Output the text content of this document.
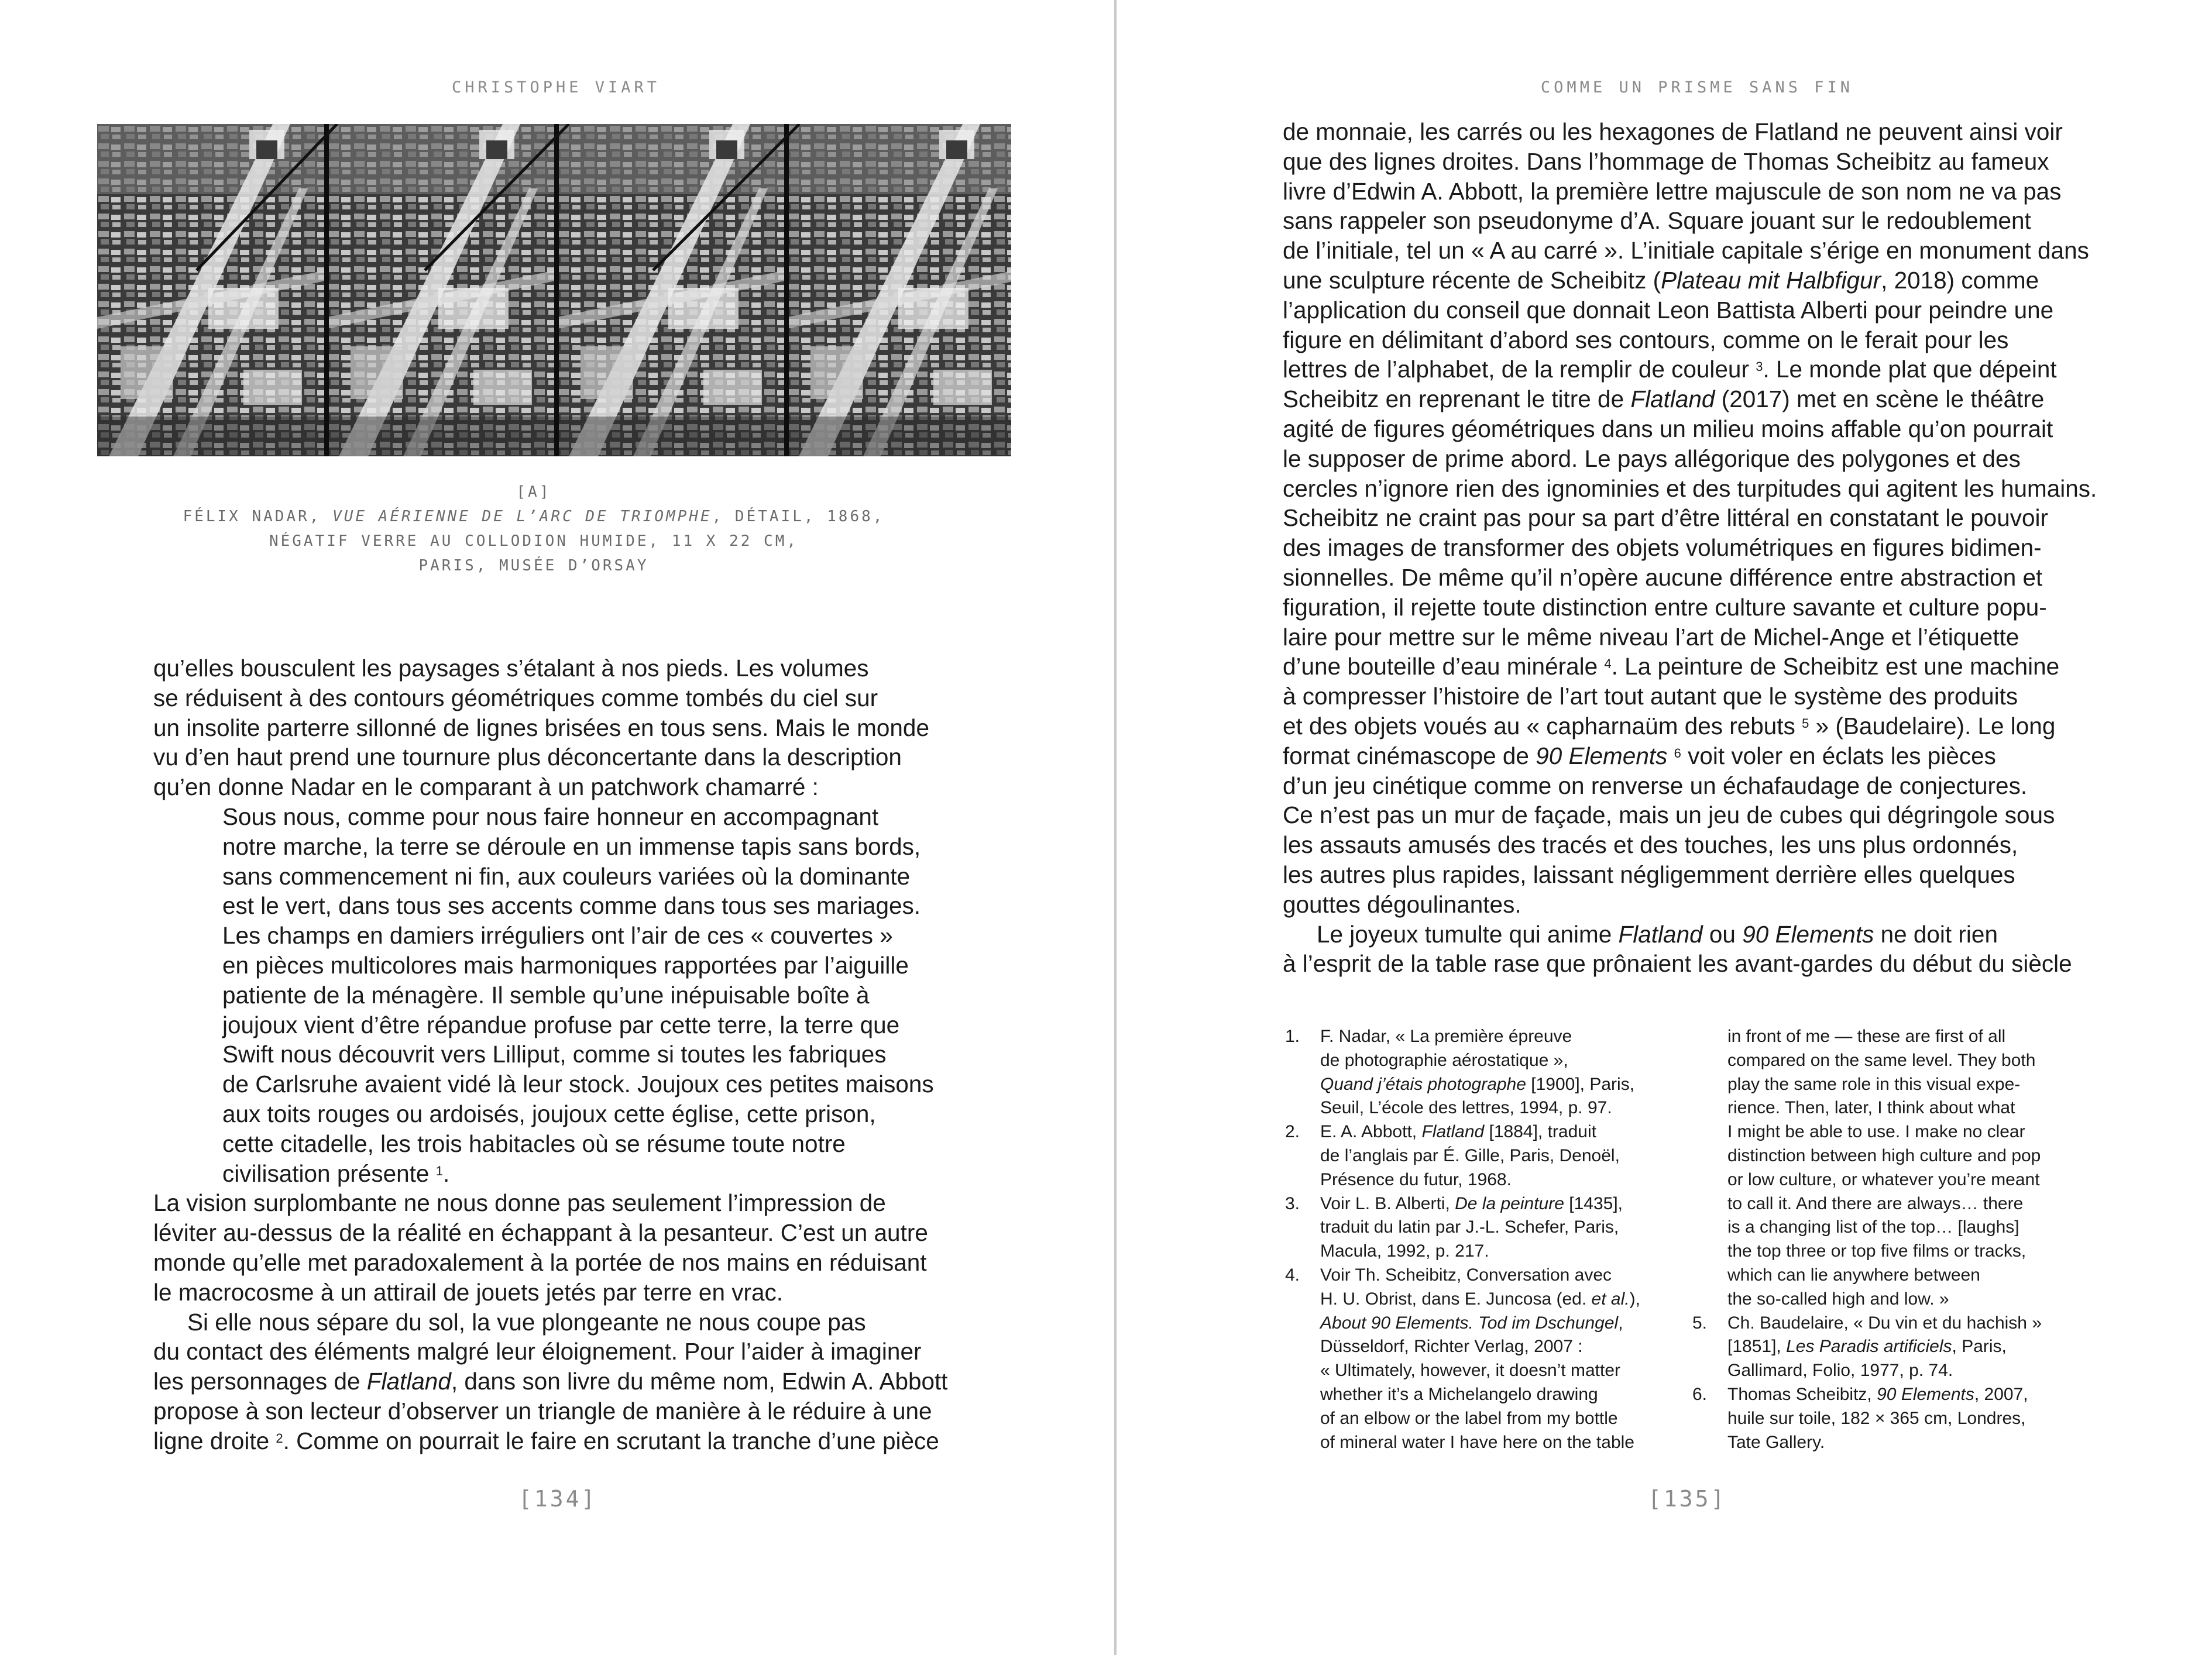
CHRISTOPHE VIART
[A]
FÉLIX NADAR, VUE AÉRIENNE DE L’ARC DE TRIOMPHE, DÉTAIL, 1868,
NÉGATIF VERRE AU COLLODION HUMIDE, 11 X 22 CM,
PARIS, MUSÉE D’ORSAY
qu’elles bousculent les paysages s’étalant à nos pieds. Les volumes
se réduisent à des contours géométriques comme tombés du ciel sur
un insolite parterre sillonné de lignes brisées en tous sens. Mais le monde
vu d’en haut prend une tournure plus déconcertante dans la description
qu’en donne Nadar en le comparant à un patchwork chamarré :
Sous nous, comme pour nous faire honneur en accompagnant
notre marche, la terre se déroule en un immense tapis sans bords,
sans commencement ni fin, aux couleurs variées où la dominante
est le vert, dans tous ses accents comme dans tous ses mariages.
Les champs en damiers irréguliers ont l’air de ces « couvertes »
en pièces multicolores mais harmoniques rapportées par l’aiguille
patiente de la ménagère. Il semble qu’une inépuisable boîte à
joujoux vient d’être répandue profuse par cette terre, la terre que
Swift nous découvrit vers Lilliput, comme si toutes les fabriques
de Carlsruhe avaient vidé là leur stock. Joujoux ces petites maisons
aux toits rouges ou ardoisés, joujoux cette église, cette prison,
cette citadelle, les trois habitacles où se résume toute notre
civilisation présente $^1$.
La vision surplombante ne nous donne pas seulement l’impression de
léviter au-dessus de la réalité en échappant à la pesanteur. C’est un autre
monde qu’elle met paradoxalement à la portée de nos mains en réduisant
le macrocosme à un attirail de jouets jetés par terre en vrac.
Si elle nous sépare du sol, la vue plongeante ne nous coupe pas
du contact des éléments malgré leur éloignement. Pour l’aider à imaginer
les personnages de Flatland, dans son livre du même nom, Edwin A. Abbott
propose à son lecteur d’observer un triangle de manière à le réduire à une
ligne droite $^2$. Comme on pourrait le faire en scrutant la tranche d’une pièce
[134]
COMME UN PRISME SANS FIN
de monnaie, les carrés ou les hexagones de Flatland ne peuvent ainsi voir
que des lignes droites. Dans l’hommage de Thomas Scheibitz au fameux
livre d’Edwin A. Abbott, la première lettre majuscule de son nom ne va pas
sans rappeler son pseudonyme d’A. Square jouant sur le redoublement
de l’initiale, tel un « A au carré ». L’initiale capitale s’érige en monument dans
une sculpture récente de Scheibitz (Plateau mit Halbfigur, 2018) comme
l’application du conseil que donnait Leon Battista Alberti pour peindre une
figure en délimitant d’abord ses contours, comme on le ferait pour les
lettres de l’alphabet, de la remplir de couleur $^3$. Le monde plat que dépeint
Scheibitz en reprenant le titre de Flatland (2017) met en scène le théâtre
agité de figures géométriques dans un milieu moins affable qu’on pourrait
le supposer de prime abord. Le pays allégorique des polygones et des
cercles n’ignore rien des ignominies et des turpitudes qui agitent les humains.
Scheibitz ne craint pas pour sa part d’être littéral en constatant le pouvoir
des images de transformer des objets volumétriques en figures bidimen-
sionnelles. De même qu’il n’opère aucune différence entre abstraction et
figuration, il rejette toute distinction entre culture savante et culture popu-
laire pour mettre sur le même niveau l’art de Michel-Ange et l’étiquette
d’une bouteille d’eau minérale $^4$. La peinture de Scheibitz est une machine
à compresser l’histoire de l’art tout autant que le système des produits
et des objets voués au « capharnaüm des rebuts $^5$ » (Baudelaire). Le long
format cinémascope de 90 Elements $^6$ voit voler en éclats les pièces
d’un jeu cinétique comme on renverse un échafaudage de conjectures.
Ce n’est pas un mur de façade, mais un jeu de cubes qui dégringole sous
les assauts amusés des tracés et des touches, les uns plus ordonnés,
les autres plus rapides, laissant négligemment derrière elles quelques
gouttes dégoulinantes.
Le joyeux tumulte qui anime Flatland ou 90 Elements ne doit rien
à l’esprit de la table rase que prônaient les avant-gardes du début du siècle
1. F. Nadar, « La première épreuve
de photographie aérostatique »,
Quand j’étais photographe [1900], Paris,
Seuil, L’école des lettres, 1994, p. 97.
2. E. A. Abbott, Flatland [1884], traduit
de l’anglais par É. Gille, Paris, Denoël,
Présence du futur, 1968.
3. Voir L. B. Alberti, De la peinture [1435],
traduit du latin par J.-L. Schefer, Paris,
Macula, 1992, p. 217.
4. Voir Th. Scheibitz, Conversation avec
H. U. Obrist, dans E. Juncosa (ed. et al.),
About 90 Elements. Tod im Dschungel,
Düsseldorf, Richter Verlag, 2007 :
« Ultimately, however, it doesn’t matter
whether it’s a Michelangelo drawing
of an elbow or the label from my bottle
of mineral water I have here on the table
in front of me — these are first of all
compared on the same level. They both
play the same role in this visual expe-
rience. Then, later, I think about what
I might be able to use. I make no clear
distinction between high culture and pop
or low culture, or whatever you’re meant
to call it. And there are always… there
is a changing list of the top… [laughs]
the top three or top five films or tracks,
which can lie anywhere between
the so-called high and low. »
5. Ch. Baudelaire, « Du vin et du hachish »
[1851], Les Paradis artificiels, Paris,
Gallimard, Folio, 1977, p. 74.
6. Thomas Scheibitz, 90 Elements, 2007,
huile sur toile, 182 × 365 cm, Londres,
Tate Gallery.
[135]
